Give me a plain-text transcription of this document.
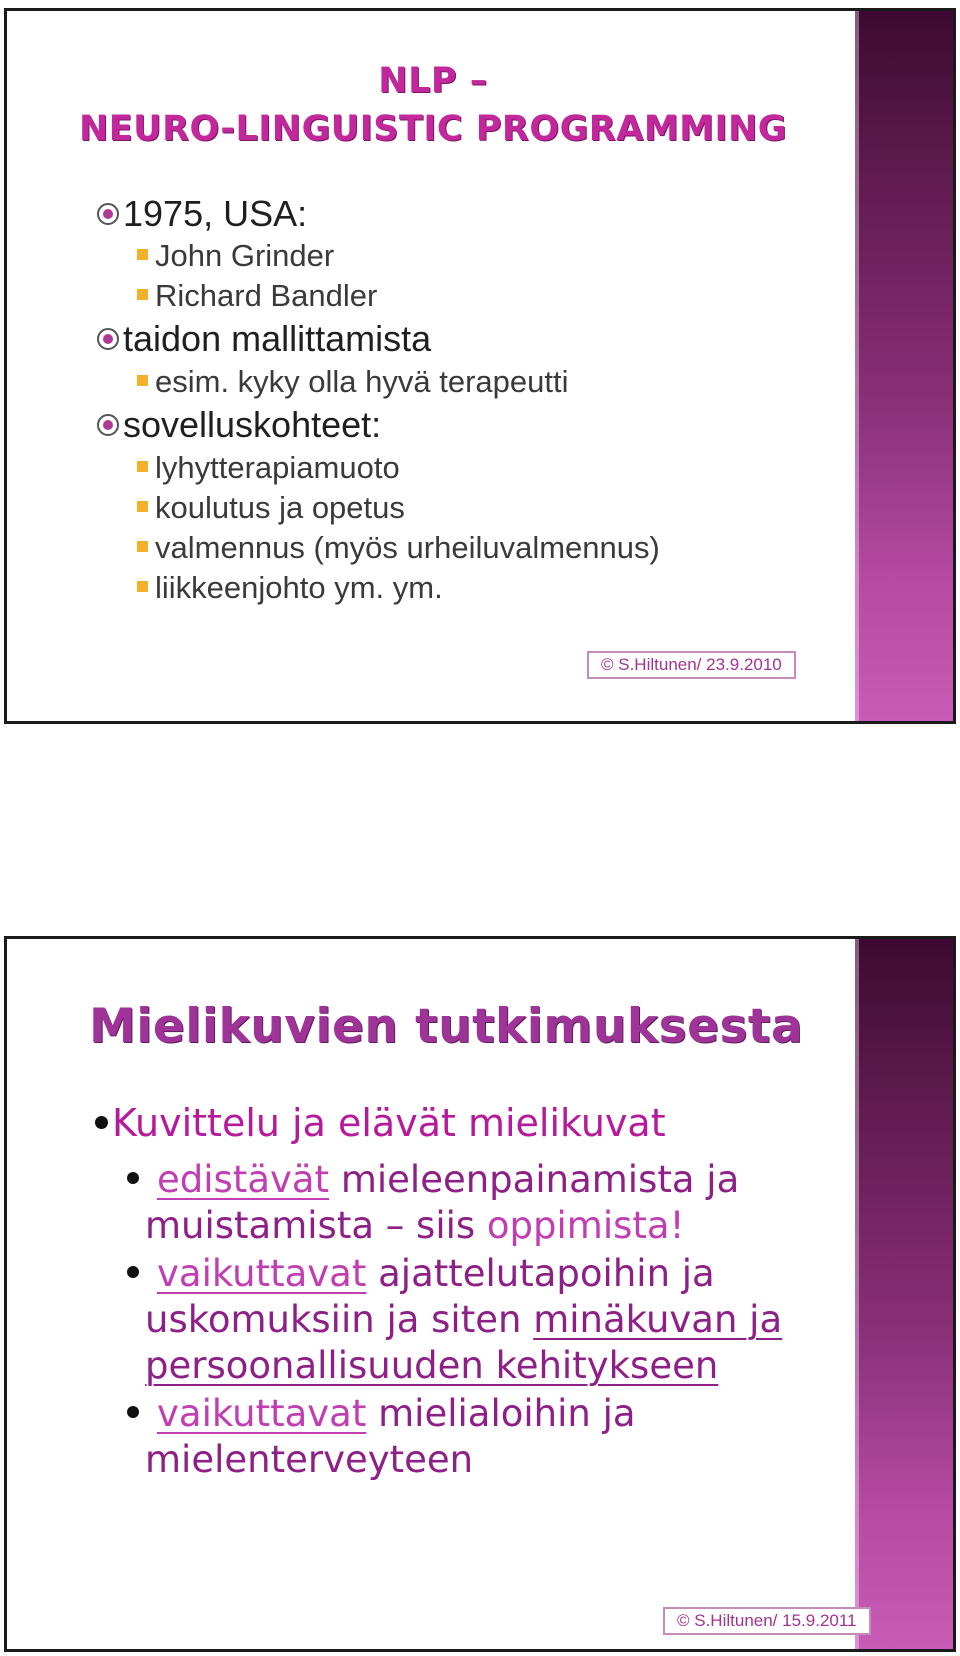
NLP –
NEURO-LINGUISTIC PROGRAMMING
1975, USA:
John Grinder
Richard Bandler
taidon mallittamista
esim. kyky olla hyvä terapeutti
sovelluskohteet:
lyhytterapiamuoto
koulutus ja opetus
valmennus (myös urheiluvalmennus)
liikkeenjohto ym. ym.
© S.Hiltunen/ 23.9.2010
Mielikuvien tutkimuksesta
Kuvittelu ja elävät mielikuvat
edistävät mieleenpainamista ja
muistamista – siis oppimista!
vaikuttavat ajattelutapoihin ja
uskomuksiin ja siten minäkuvan ja
persoonallisuuden kehitykseen
vaikuttavat mielialoihin ja
mielenterveyteen
© S.Hiltunen/ 15.9.2011
